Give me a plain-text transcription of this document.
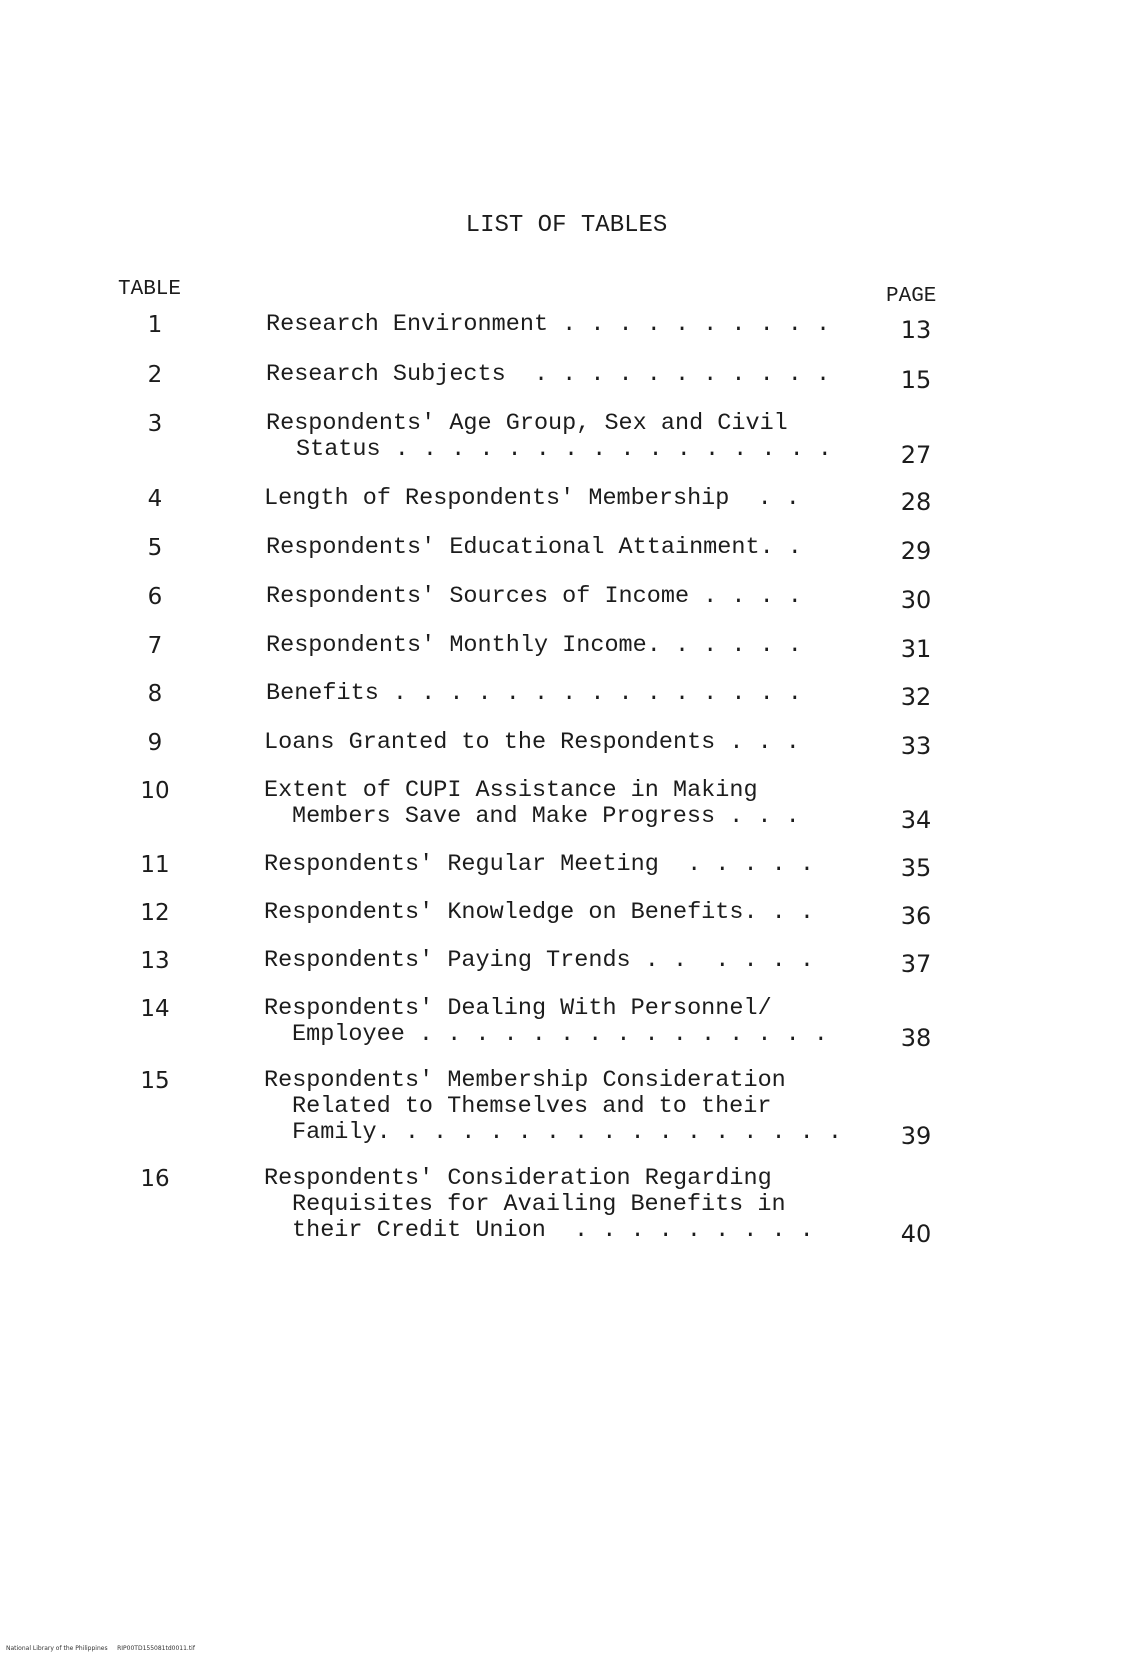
LIST OF TABLES
TABLE	PAGE
1	Research Environment . . . . . . . . . .	13
2	Research Subjects  . . . . . . . . . . .	15
3	Respondents' Age Group, Sex and Civil
Status . . . . . . . . . . . . . . . .	27
4	Length of Respondents' Membership  . .	28
5	Respondents' Educational Attainment. .	29
6	Respondents' Sources of Income . . . .	30
7	Respondents' Monthly Income. . . . . .	31
8	Benefits . . . . . . . . . . . . . . .	32
9	Loans Granted to the Respondents . . .	33
10	Extent of CUPI Assistance in Making
Members Save and Make Progress . . .	34
11	Respondents' Regular Meeting  . . . . .	35
12	Respondents' Knowledge on Benefits. . .	36
13	Respondents' Paying Trends . .  . . . .	37
14	Respondents' Dealing With Personnel/
Employee . . . . . . . . . . . . . . .	38
15	Respondents' Membership Consideration
Related to Themselves and to their
Family. . . . . . . . . . . . . . . . .	39
16	Respondents' Consideration Regarding
Requisites for Availing Benefits in
their Credit Union  . . . . . . . . .	40
National Library of the Philippines     RIP00TD155081td0011.tif
